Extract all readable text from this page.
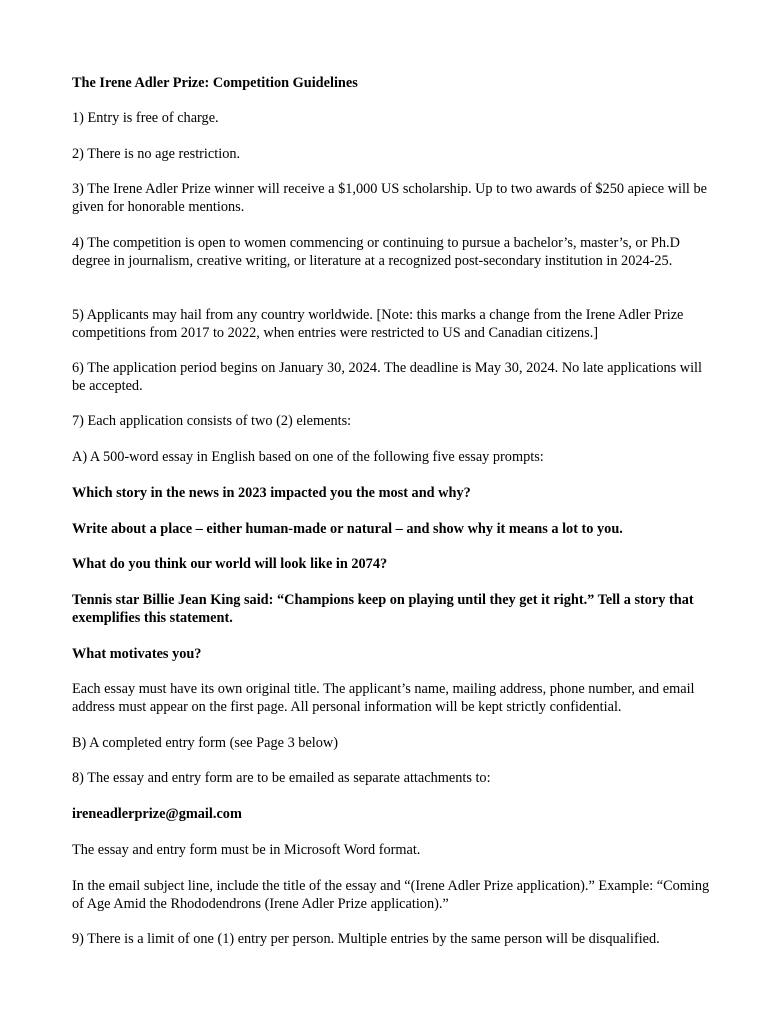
The Irene Adler Prize: Competition Guidelines

1) Entry is free of charge.

2) There is no age restriction.

3) The Irene Adler Prize winner will receive a $1,000 US scholarship. Up to two awards of $250 apiece will be given for honorable mentions.

4) The competition is open to women commencing or continuing to pursue a bachelor’s, master’s, or Ph.D degree in journalism, creative writing, or literature at a recognized post-secondary institution in 2024-25.

5) Applicants may hail from any country worldwide. [Note: this marks a change from the Irene Adler Prize competitions from 2017 to 2022, when entries were restricted to US and Canadian citizens.]

6) The application period begins on January 30, 2024. The deadline is May 30, 2024. No late applications will be accepted.

7) Each application consists of two (2) elements:

A) A 500-word essay in English based on one of the following five essay prompts:

Which story in the news in 2023 impacted you the most and why?

Write about a place – either human-made or natural – and show why it means a lot to you.

What do you think our world will look like in 2074?

Tennis star Billie Jean King said: “Champions keep on playing until they get it right.” Tell a story that exemplifies this statement.

What motivates you?

Each essay must have its own original title. The applicant’s name, mailing address, phone number, and email address must appear on the first page. All personal information will be kept strictly confidential.

B) A completed entry form (see Page 3 below)

8) The essay and entry form are to be emailed as separate attachments to:

ireneadlerprize@gmail.com

The essay and entry form must be in Microsoft Word format.

In the email subject line, include the title of the essay and “(Irene Adler Prize application).” Example: “Coming of Age Amid the Rhododendrons (Irene Adler Prize application).”

9) There is a limit of one (1) entry per person. Multiple entries by the same person will be disqualified.
